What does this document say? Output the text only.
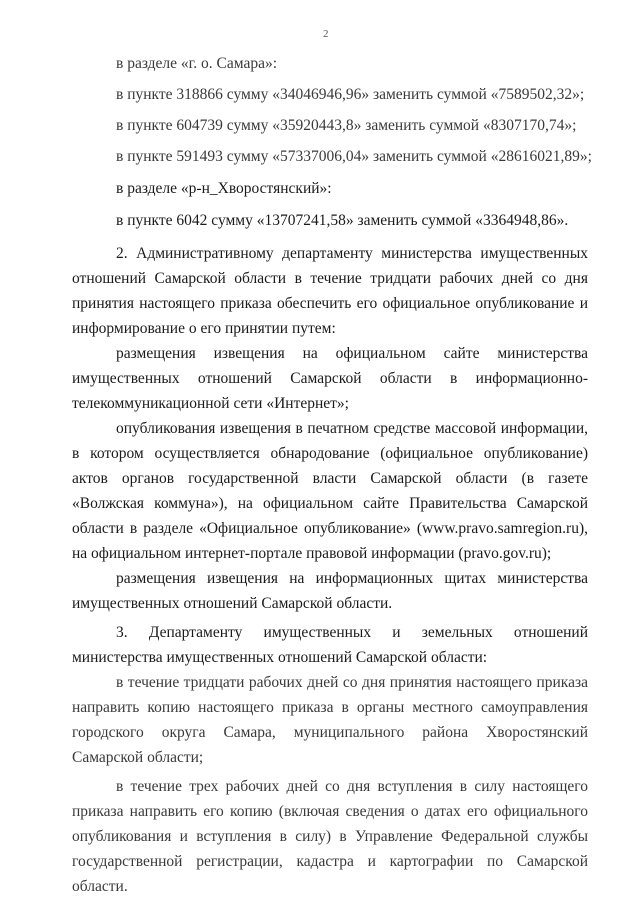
2
в разделе «г. о. Самара»:
в пункте 318866 сумму «34046946,96» заменить суммой «7589502,32»;
в пункте 604739 сумму «35920443,8» заменить суммой «8307170,74»;
в пункте 591493 сумму «57337006,04» заменить суммой «28616021,89»;
в разделе «р-н_Хворостянский»:
в пункте 6042 сумму «13707241,58» заменить суммой «3364948,86».
2. Административному департаменту министерства имущественных
отношений Самарской области в течение тридцати рабочих дней со дня
принятия настоящего приказа обеспечить его официальное опубликование и
информирование о его принятии путем:
размещения извещения на официальном сайте министерства
имущественных отношений Самарской области в информационно-
телекоммуникационной сети «Интернет»;
опубликования извещения в печатном средстве массовой информации,
в котором осуществляется обнародование (официальное опубликование)
актов органов государственной власти Самарской области (в газете
«Волжская коммуна»), на официальном сайте Правительства Самарской
области в разделе «Официальное опубликование» (www.pravo.samregion.ru),
на официальном интернет-портале правовой информации (pravo.gov.ru);
размещения извещения на информационных щитах министерства
имущественных отношений Самарской области.
3. Департаменту имущественных и земельных отношений
министерства имущественных отношений Самарской области:
в течение тридцати рабочих дней со дня принятия настоящего приказа
направить копию настоящего приказа в органы местного самоуправления
городского округа Самара, муниципального района Хворостянский
Самарской области;
в течение трех рабочих дней со дня вступления в силу настоящего
приказа направить его копию (включая сведения о датах его официального
опубликования и вступления в силу) в Управление Федеральной службы
государственной регистрации, кадастра и картографии по Самарской
области.
